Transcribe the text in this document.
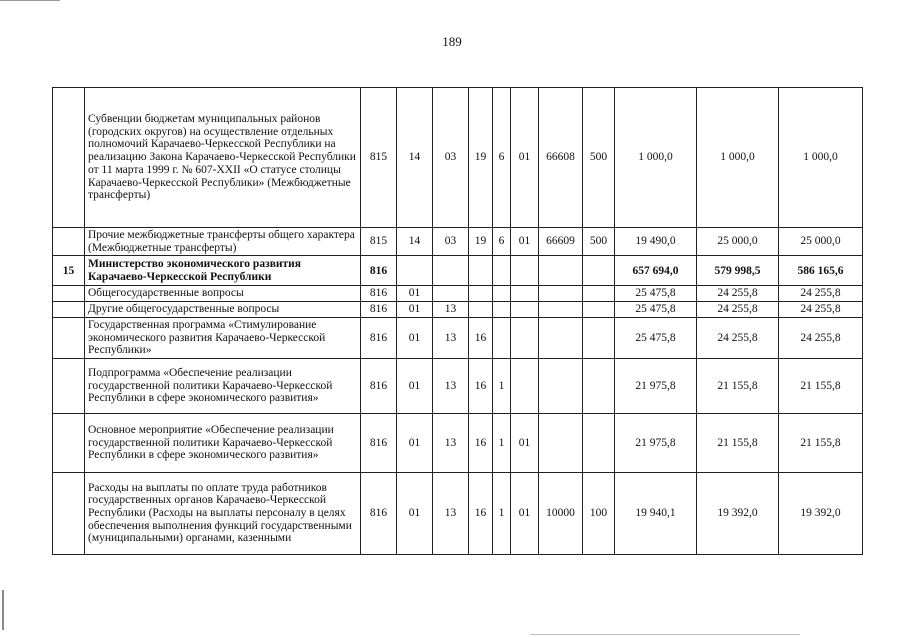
189
	Субвенции бюджетам муниципальных районов (городских округов) на осуществление отдельных полномочий Карачаево-Черкесской Республики на реализацию Закона Карачаево-Черкесской Республики от 11 марта 1999 г. № 607-XXII «О статусе столицы Карачаево-Черкесской Республики» (Межбюджетные трансферты)	815	14	03	19	6	01	66608	500	1 000,0	1 000,0	1 000,0
	Прочие межбюджетные трансферты общего характера (Межбюджетные трансферты)	815	14	03	19	6	01	66609	500	19 490,0	25 000,0	25 000,0
15	Министерство экономического развития Карачаево-Черкесской Республики	816								657 694,0	579 998,5	586 165,6
	Общегосударственные вопросы	816	01							25 475,8	24 255,8	24 255,8
	Другие общегосударственные вопросы	816	01	13						25 475,8	24 255,8	24 255,8
	Государственная программа «Стимулирование экономического развития Карачаево-Черкесской Республики»	816	01	13	16					25 475,8	24 255,8	24 255,8
	Подпрограмма «Обеспечение реализации государственной политики Карачаево-Черкесской Республики в сфере экономического развития»	816	01	13	16	1				21 975,8	21 155,8	21 155,8
	Основное мероприятие «Обеспечение реализации государственной политики Карачаево-Черкесской Республики в сфере экономического развития»	816	01	13	16	1	01			21 975,8	21 155,8	21 155,8
	Расходы на выплаты по оплате труда работников государственных органов Карачаево-Черкесской Республики (Расходы на выплаты персоналу в целях обеспечения выполнения функций государственными (муниципальными) органами, казенными	816	01	13	16	1	01	10000	100	19 940,1	19 392,0	19 392,0
